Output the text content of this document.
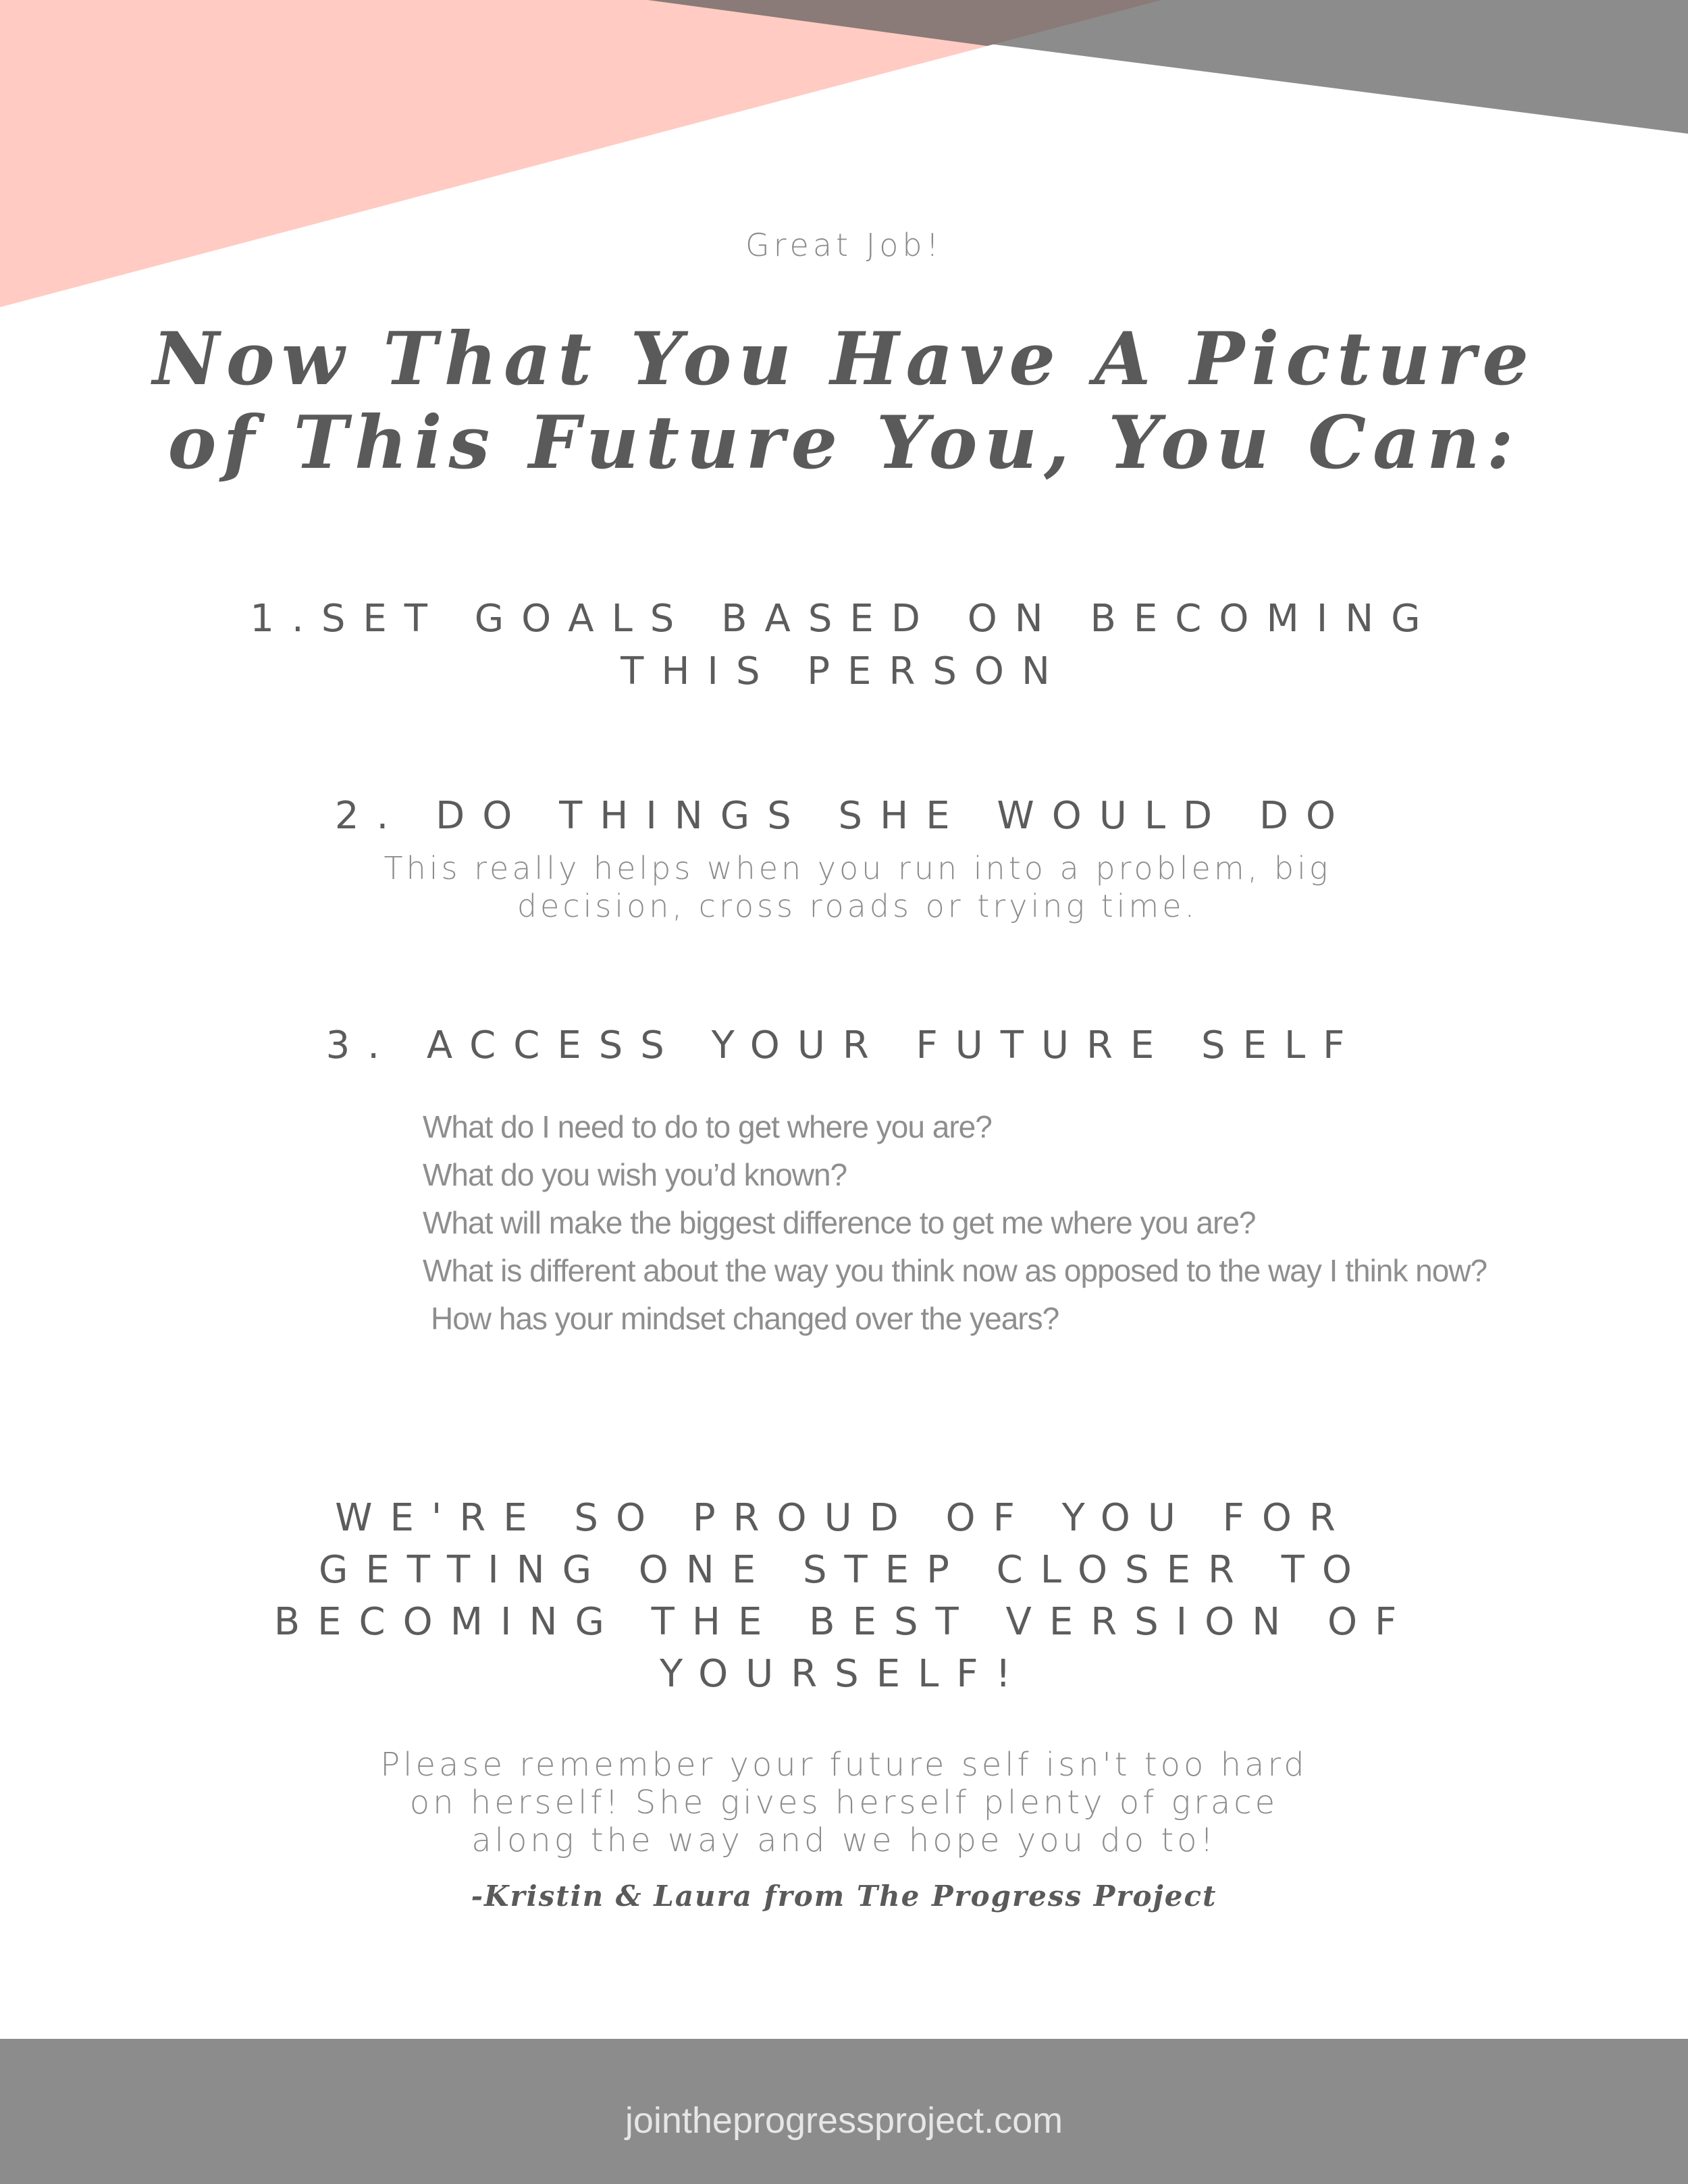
Great Job!
Now That You Have A Picture
of This Future You, You Can:
1.SET GOALS BASED ON BECOMING THIS PERSON
2. DO THINGS SHE WOULD DO
This really helps when you run into a problem, big decision, cross roads or trying time.
3. ACCESS YOUR FUTURE SELF
What do I need to do to get where you are?
What do you wish you’d known?
What will make the biggest difference to get me where you are?
What is different about the way you think now as opposed to the way I think now?
How has your mindset changed over the years?
WE'RE SO PROUD OF YOU FOR GETTING ONE STEP CLOSER TO BECOMING THE BEST VERSION OF YOURSELF!
Please remember your future self isn't too hard on herself! She gives herself plenty of grace along the way and we hope you do to!
-Kristin & Laura from The Progress Project
jointheprogressproject.com
